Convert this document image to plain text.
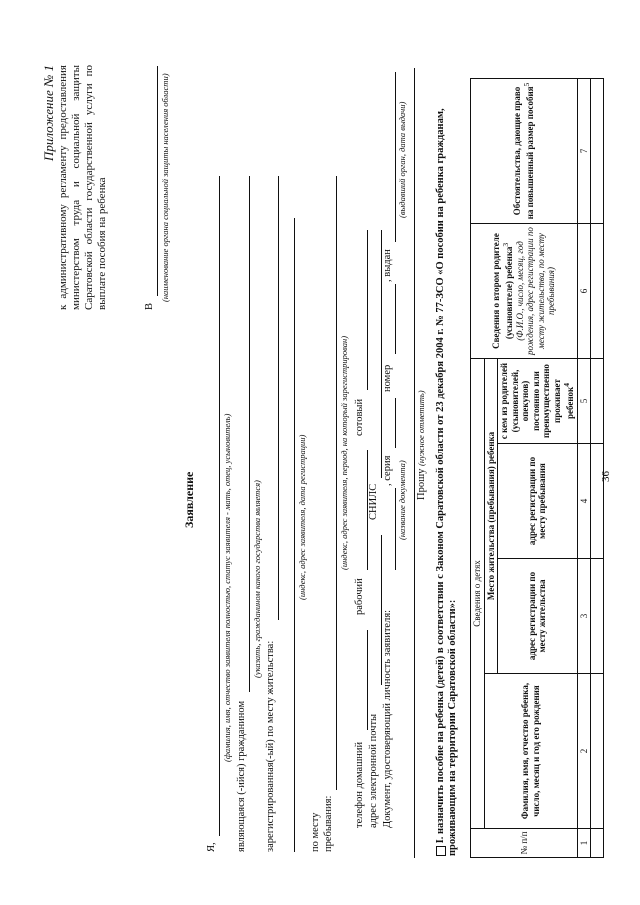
Приложение № 1 к административному регламенту предоставления министерством труда и социальной защиты Саратовской области государственной услуги по выплате пособия на ребенка	В
(наименование органа социальной защиты населения области)
Заявление
Я,
(фамилия, имя, отчество заявителя полностью, статус заявителя - мать, отец, усыновитель)
являющаяся (-ийся) гражданином
(указать, гражданином какого государства является)
зарегистрированная(-ый) по месту жительства:
(индекс, адрес заявителя, дата регистрации)
по месту пребывания:
(индекс, адрес заявителя, период, на который зарегистрирован)
телефон домашний
рабочий
сотовый
адрес электронной почты
СНИЛС
Документ, удостоверяющий личность заявителя:
, серия
номер
, выдан
(название документа)
(выдавший орган, дата выдачи)
Прошу (нужное отметить) I. назначить пособие на ребенка (детей) в соответствии с Законом Саратовской области от 23 декабря 2004 г. № 77-ЗСО «О пособии на ребенка гражданам, проживающим на территории Саратовской области»:	№ п/п	Сведения о детях				Сведения о втором родителе (усыновителе) ребенка$^3$ (Ф.И.О., число, месяц, год рождения, адрес регистрации по месту жительства, по месту пребывания)	Обстоятельства, дающие право на повышенный размер пособия$^5$
	Фамилия, имя, отчество ребенка, число, месяц и год его рождения	Место жительства (пребывания) ребенка				
		адрес регистрации по месту жительства	адрес регистрации по месту пребывания	с кем из родителей (усыновителей, опекунов) постоянно или преимущественно проживает ребенок$^4$
1	2	3	4	5	6	7

36
